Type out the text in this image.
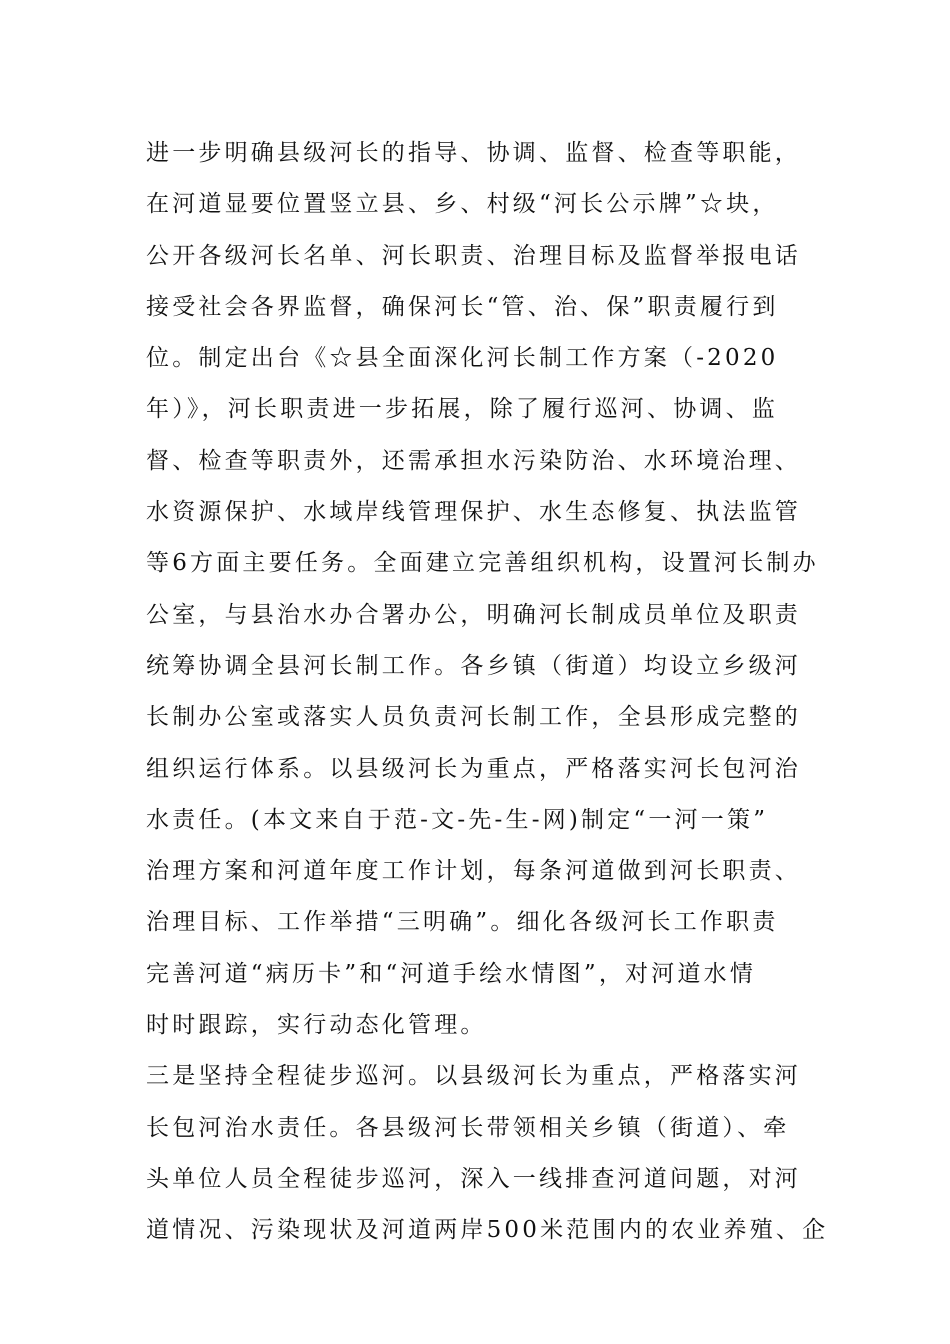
进一步明确县级河长的指导、协调、监督、检查等职能，
在河道显要位置竖立县、乡、村级“河长公示牌”☆块，
公开各级河长名单、河长职责、治理目标及监督举报电话
接受社会各界监督，确保河长“管、治、保”职责履行到
位。制定出台《☆县全面深化河长制工作方案（-2020
年）》，河长职责进一步拓展，除了履行巡河、协调、监
督、检查等职责外，还需承担水污染防治、水环境治理、
水资源保护、水域岸线管理保护、水生态修复、执法监管
等6方面主要任务。全面建立完善组织机构，设置河长制办
公室，与县治水办合署办公，明确河长制成员单位及职责
统筹协调全县河长制工作。各乡镇（街道）均设立乡级河
长制办公室或落实人员负责河长制工作，全县形成完整的
组织运行体系。以县级河长为重点，严格落实河长包河治
水责任。(本文来自于范-文-先-生-网)制定“一河一策”
治理方案和河道年度工作计划，每条河道做到河长职责、
治理目标、工作举措“三明确”。细化各级河长工作职责
完善河道“病历卡”和“河道手绘水情图”，对河道水情
时时跟踪，实行动态化管理。
三是坚持全程徒步巡河。以县级河长为重点，严格落实河
长包河治水责任。各县级河长带领相关乡镇（街道）、牵
头单位人员全程徒步巡河，深入一线排查河道问题，对河
道情况、污染现状及河道两岸500米范围内的农业养殖、企
